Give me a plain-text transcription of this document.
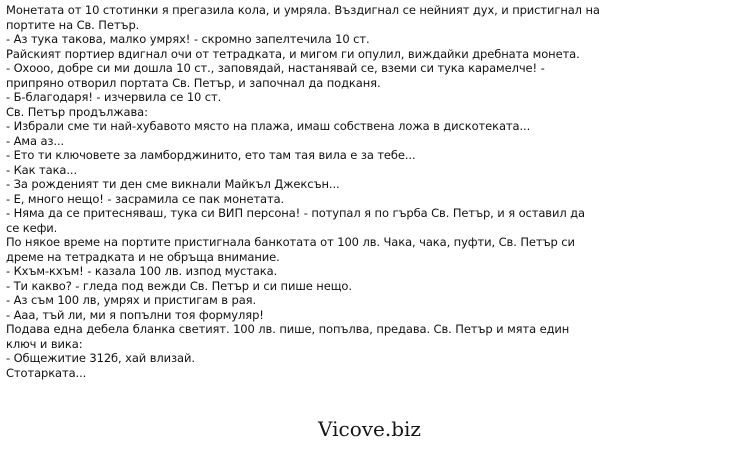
Монетата от 10 стотинки я прегазила кола, и умряла. Въздигнал се нейният дух, и пристигнал на
портите на Св. Петър.
- Аз тука такова, малко умрях! - скромно запелтечила 10 ст.
Райският портиер вдигнал очи от тетрадката, и мигом ги опулил, виждайки дребната монета.
- Охооо, добре си ми дошла 10 ст., заповядай, настанявай се, вземи си тука карамелче! -
припряно отворил портата Св. Петър, и започнал да подканя.
- Б-благодаря! - изчервила се 10 ст.
Св. Петър продължава:
- Избрали сме ти най-хубавото място на плажа, имаш собствена ложа в дискотеката...
- Ама аз...
- Ето ти ключовете за ламборджинито, ето там тая вила е за тебе...
- Как така...
- За рожденият ти ден сме викнали Майкъл Джексън...
- Е, много нещо! - засрамила се пак монетата.
- Няма да се притесняваш, тука си ВИП персона! - потупал я по гърба Св. Петър, и я оставил да
се кефи.
По някое време на портите пристигнала банкотата от 100 лв. Чака, чака, пуфти, Св. Петър си
дреме на тетрадката и не обръща внимание.
- Кхъм-кхъм! - казала 100 лв. изпод мустака.
- Ти какво? - гледа под вежди Св. Петър и си пише нещо.
- Аз съм 100 лв, умрях и пристигам в рая.
- Ааа, тъй ли, ми я попълни тоя формуляр!
Подава една дебела бланка светият. 100 лв. пише, попълва, предава. Св. Петър и мята един
ключ и вика:
- Общежитие 312б, хай влизай.
Стотарката...
Vicove.biz
